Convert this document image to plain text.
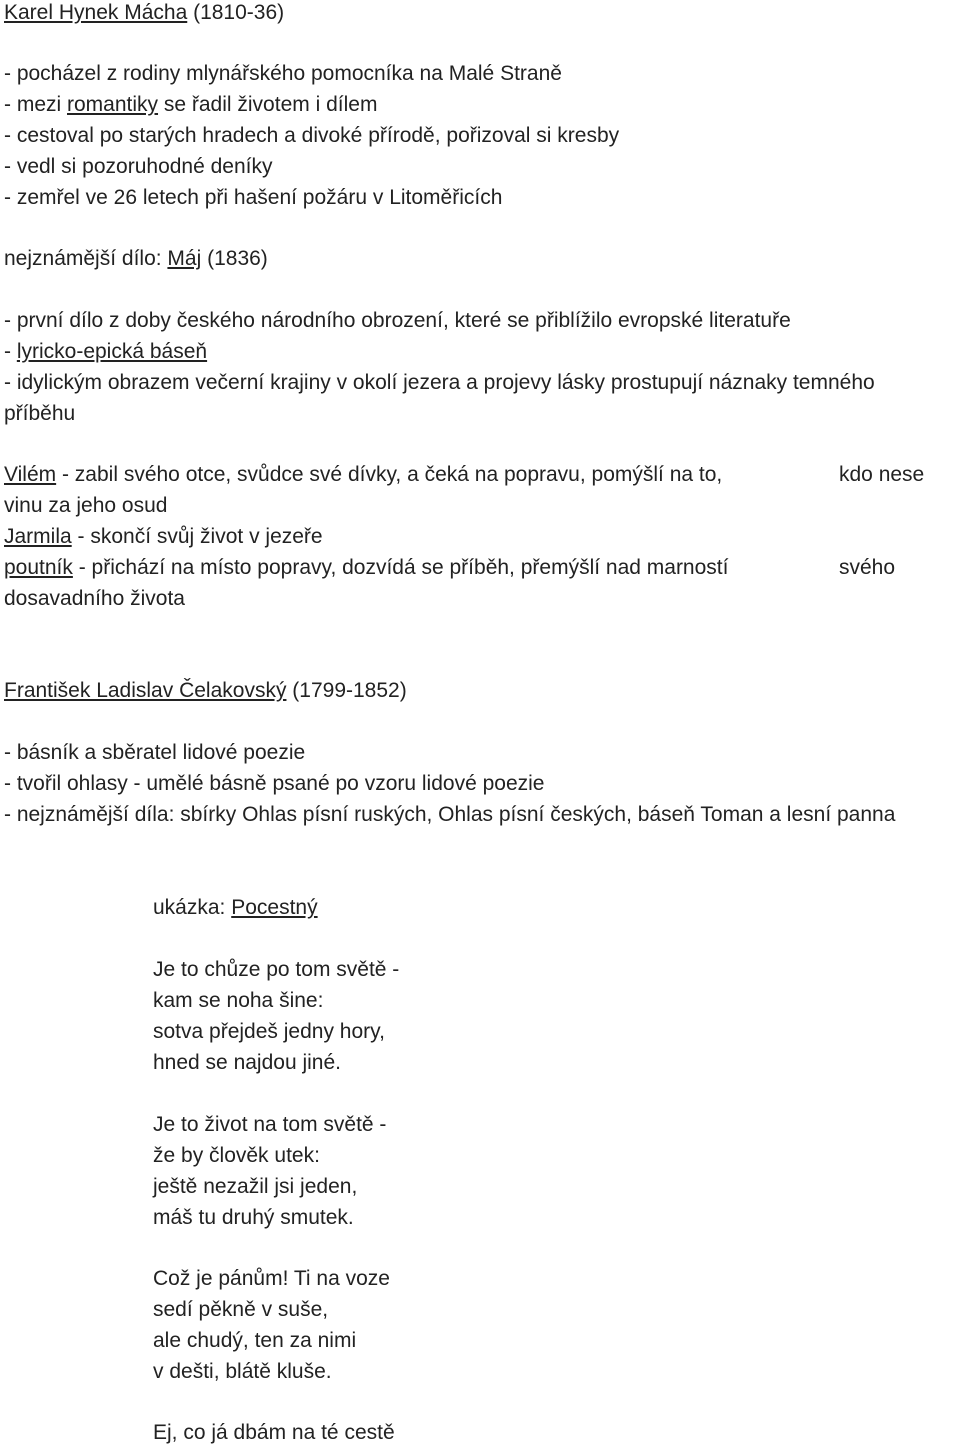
Karel Hynek Mácha (1810-36)
- pocházel z rodiny mlynářského pomocníka na Malé Straně
- mezi romantiky se řadil životem i dílem
- cestoval po starých hradech a divoké přírodě, pořizoval si kresby
- vedl si pozoruhodné deníky
- zemřel ve 26 letech při hašení požáru v Litoměřicích
nejznámější dílo: Máj (1836)
- první dílo z doby českého národního obrození, které se přiblížilo evropské literatuře
- lyricko-epická báseň
- idylickým obrazem večerní krajiny v okolí jezera a projevy lásky prostupují náznaky temného
příběhu
Vilém - zabil svého otce, svůdce své dívky, a čeká na popravu, pomýšlí na to,	kdo nese
vinu za jeho osud
Jarmila - skončí svůj život v jezeře
poutník - přichází na místo popravy, dozvídá se příběh, přemýšlí nad marností	svého
dosavadního života
František Ladislav Čelakovský (1799-1852)
- básník a sběratel lidové poezie
- tvořil ohlasy - umělé básně psané po vzoru lidové poezie
- nejznámější díla: sbírky Ohlas písní ruských, Ohlas písní českých, báseň Toman a lesní panna
ukázka: Pocestný
Je to chůze po tom světě -
kam se noha šine:
sotva přejdeš jedny hory,
hned se najdou jiné.
Je to život na tom světě -
že by člověk utek:
ještě nezažil jsi jeden,
máš tu druhý smutek.
Což je pánům! Ti na voze
sedí pěkně v suše,
ale chudý, ten za nimi
v dešti, blátě kluše.
Ej, co já dbám na té cestě
